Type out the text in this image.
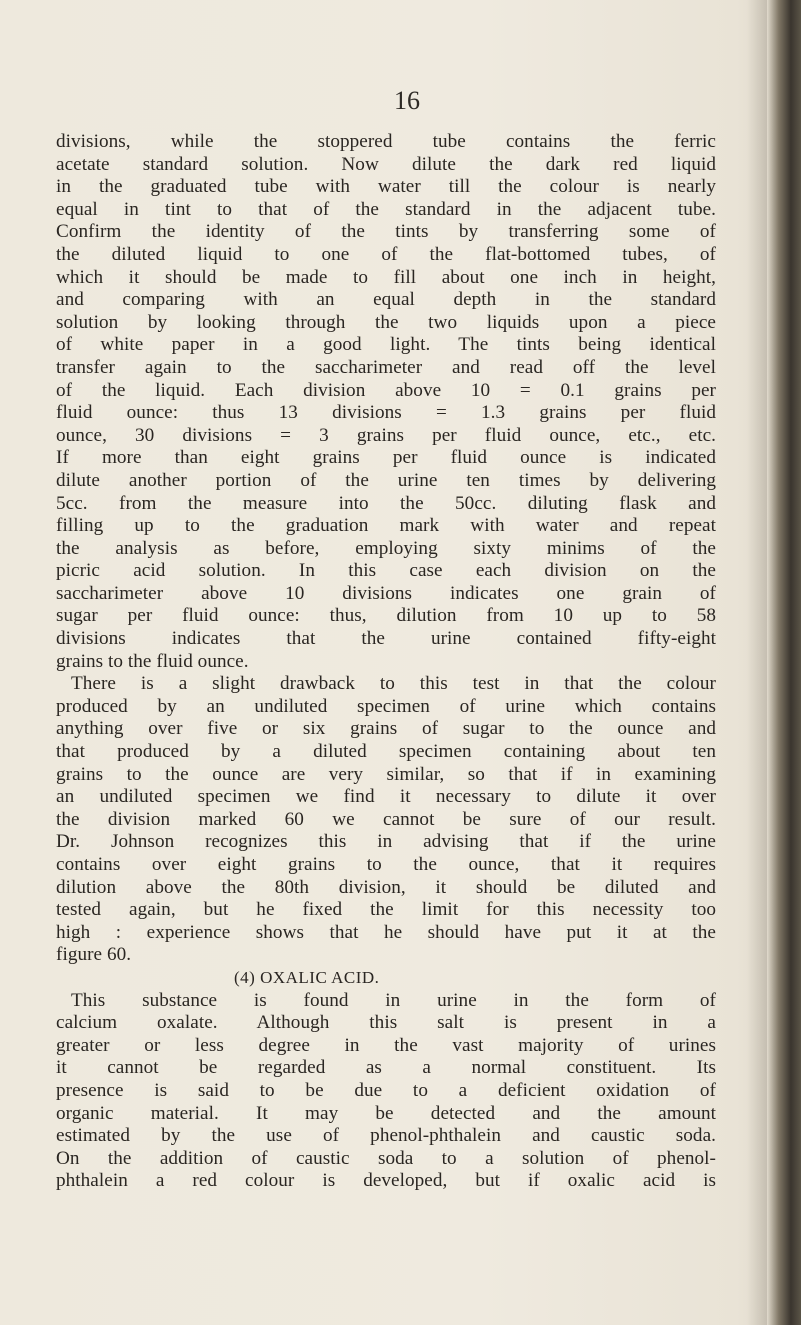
16
divisions, while the stoppered tube contains the ferric
acetate standard solution. Now dilute the dark red liquid
in the graduated tube with water till the colour is nearly
equal in tint to that of the standard in the adjacent tube.
Confirm the identity of the tints by transferring some of
the diluted liquid to one of the flat-bottomed tubes, of
which it should be made to fill about one inch in height,
and comparing with an equal depth in the standard
solution by looking through the two liquids upon a piece
of white paper in a good light. The tints being identical
transfer again to the saccharimeter and read off the level
of the liquid. Each division above 10 = 0.1 grains per
fluid ounce: thus 13 divisions = 1.3 grains per fluid
ounce, 30 divisions = 3 grains per fluid ounce, etc., etc.
If more than eight grains per fluid ounce is indicated
dilute another portion of the urine ten times by delivering
5cc. from the measure into the 50cc. diluting flask and
filling up to the graduation mark with water and repeat
the analysis as before, employing sixty minims of the
picric acid solution. In this case each division on the
saccharimeter above 10 divisions indicates one grain of
sugar per fluid ounce: thus, dilution from 10 up to 58
divisions indicates that the urine contained fifty-eight
grains to the fluid ounce.
There is a slight drawback to this test in that the colour
produced by an undiluted specimen of urine which contains
anything over five or six grains of sugar to the ounce and
that produced by a diluted specimen containing about ten
grains to the ounce are very similar, so that if in examining
an undiluted specimen we find it necessary to dilute it over
the division marked 60 we cannot be sure of our result.
Dr. Johnson recognizes this in advising that if the urine
contains over eight grains to the ounce, that it requires
dilution above the 80th division, it should be diluted and
tested again, but he fixed the limit for this necessity too
high : experience shows that he should have put it at the
figure 60.
(4) OXALIC ACID.
This substance is found in urine in the form of
calcium oxalate. Although this salt is present in a
greater or less degree in the vast majority of urines
it cannot be regarded as a normal constituent. Its
presence is said to be due to a deficient oxidation of
organic material. It may be detected and the amount
estimated by the use of phenol-phthalein and caustic soda.
On the addition of caustic soda to a solution of phenol-
phthalein a red colour is developed, but if oxalic acid is
